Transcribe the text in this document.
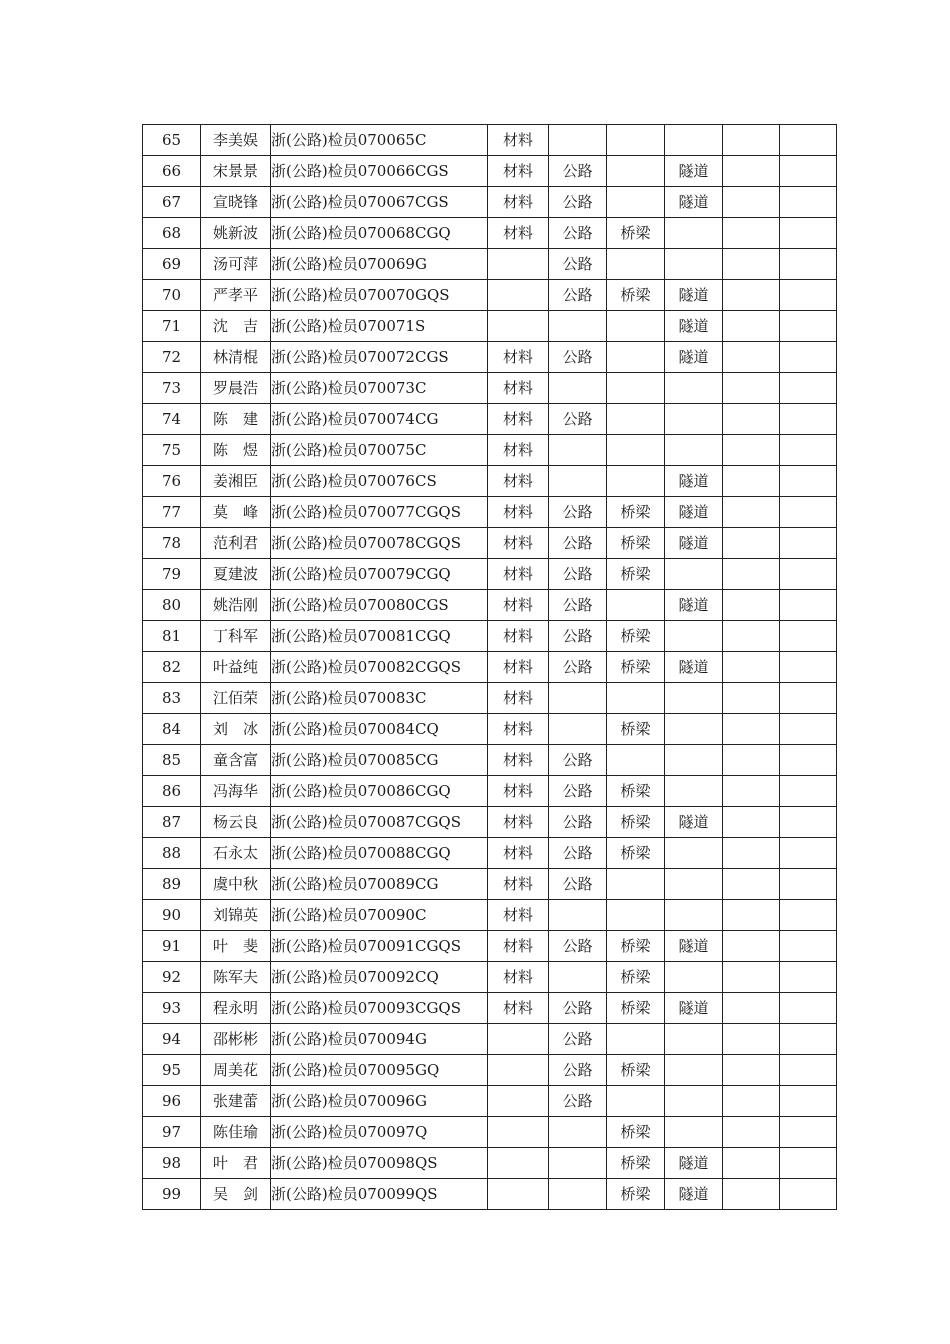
65	李美娱	浙(公路)检员070065C	材料					
66	宋景景	浙(公路)检员070066CGS	材料	公路		隧道		
67	宣晓锋	浙(公路)检员070067CGS	材料	公路		隧道		
68	姚新波	浙(公路)检员070068CGQ	材料	公路	桥梁			
69	汤可萍	浙(公路)检员070069G		公路				
70	严孝平	浙(公路)检员070070GQS		公路	桥梁	隧道		
71	沈　吉	浙(公路)检员070071S				隧道		
72	林清棍	浙(公路)检员070072CGS	材料	公路		隧道		
73	罗晨浩	浙(公路)检员070073C	材料					
74	陈　建	浙(公路)检员070074CG	材料	公路				
75	陈　煜	浙(公路)检员070075C	材料					
76	姜湘臣	浙(公路)检员070076CS	材料			隧道		
77	莫　峰	浙(公路)检员070077CGQS	材料	公路	桥梁	隧道		
78	范利君	浙(公路)检员070078CGQS	材料	公路	桥梁	隧道		
79	夏建波	浙(公路)检员070079CGQ	材料	公路	桥梁			
80	姚浩刚	浙(公路)检员070080CGS	材料	公路		隧道		
81	丁科军	浙(公路)检员070081CGQ	材料	公路	桥梁			
82	叶益纯	浙(公路)检员070082CGQS	材料	公路	桥梁	隧道		
83	江佰荣	浙(公路)检员070083C	材料					
84	刘　冰	浙(公路)检员070084CQ	材料		桥梁			
85	童含富	浙(公路)检员070085CG	材料	公路				
86	冯海华	浙(公路)检员070086CGQ	材料	公路	桥梁			
87	杨云良	浙(公路)检员070087CGQS	材料	公路	桥梁	隧道		
88	石永太	浙(公路)检员070088CGQ	材料	公路	桥梁			
89	虞中秋	浙(公路)检员070089CG	材料	公路				
90	刘锦英	浙(公路)检员070090C	材料					
91	叶　斐	浙(公路)检员070091CGQS	材料	公路	桥梁	隧道		
92	陈军夫	浙(公路)检员070092CQ	材料		桥梁			
93	程永明	浙(公路)检员070093CGQS	材料	公路	桥梁	隧道		
94	邵彬彬	浙(公路)检员070094G		公路				
95	周美花	浙(公路)检员070095GQ		公路	桥梁			
96	张建蕾	浙(公路)检员070096G		公路				
97	陈佳瑜	浙(公路)检员070097Q			桥梁			
98	叶　君	浙(公路)检员070098QS			桥梁	隧道		
99	吴　剑	浙(公路)检员070099QS			桥梁	隧道		
